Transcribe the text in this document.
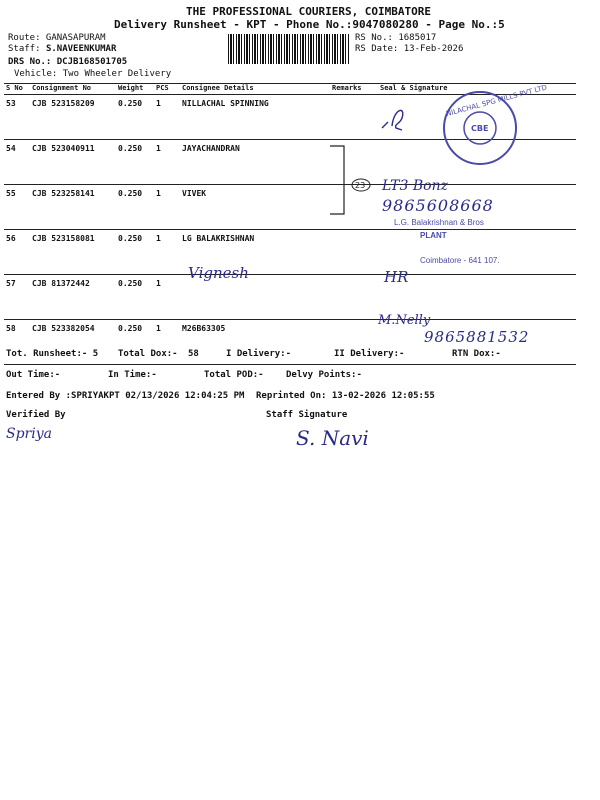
THE PROFESSIONAL COURIERS, COIMBATORE
Delivery Runsheet - KPT - Phone No.:9047080280 - Page No.:5
Route: GANASAPURAM
Staff: S.NAVEENKUMAR
DRS No.: DCJB168501705
Vehicle: Two Wheeler Delivery
RS No.: 1685017
RS Date: 13-Feb-2026
S No	Consignment No	Weight	PCS	Consignee Details	Remarks	Seal & Signature
53	CJB 523158209	0.250	1	NILLACHAL SPINNING		
54	CJB 523040911	0.250	1	JAYACHANDRAN		
55	CJB 523258141	0.250	1	VIVEK		
56	CJB 523158081	0.250	1	LG BALAKRISHNAN		
57	CJB 81372442	0.250	1			
58	CJB 523382054	0.250	1	M26B63305		
23
CBE
NILACHAL SPG MILLS PVT LTD
LT3 Bonz
9865608668
L.G. Balakrishnan & Bros
PLANT
Coimbatore - 641 107.
Vignesh	HR
M.Nelly
9865881532
Tot. Runsheet:- 5 Total Dox:- 58	I Delivery:-	II Delivery:-	RTN Dox:-
Out Time:-	In Time:-	Total POD:- Delvy Points:-
Entered By :SPRIYAKPT 02/13/2026 12:04:25 PM Reprinted On: 13-02-2026 12:05:55
Verified By	Staff Signature
Spriya	S. Navi
